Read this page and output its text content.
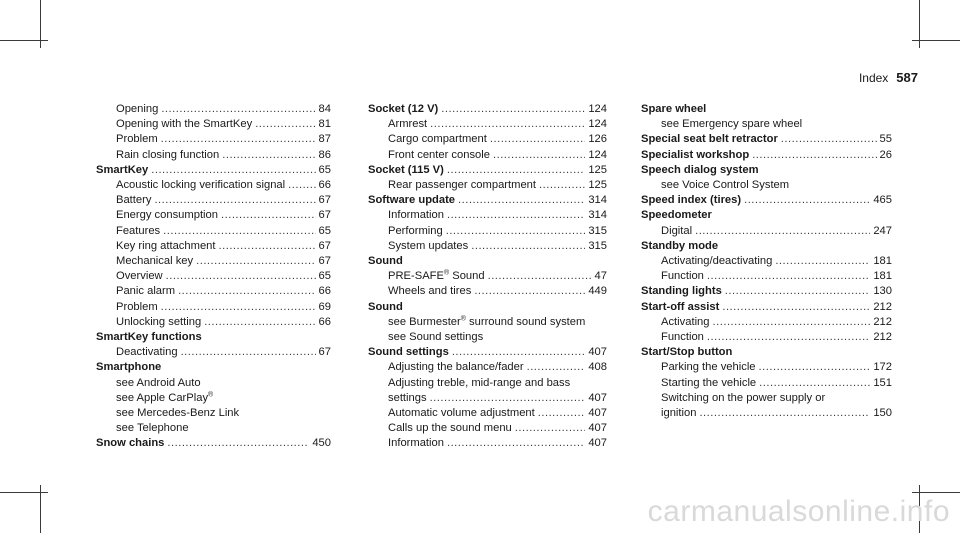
Index 587
Opening .....	84
Opening with the SmartKey .....	81
Problem .....	87
Rain closing function .....	86
SmartKey .....	65
Acoustic locking verification signal .....	66
Battery .....	67
Energy consumption .....	67
Features .....	65
Key ring attachment .....	67
Mechanical key .....	67
Overview .....	65
Panic alarm .....	66
Problem .....	69
Unlocking setting .....	66
SmartKey functions
Deactivating .....	67
Smartphone
see Android Auto
see Apple CarPlay®
see Mercedes-Benz Link
see Telephone
Snow chains .....	450
Socket (12 V) .....	124
Armrest .....	124
Cargo compartment .....	126
Front center console .....	124
Socket (115 V) .....	125
Rear passenger compartment .....	125
Software update .....	314
Information .....	314
Performing .....	315
System updates .....	315
Sound
PRE-SAFE® Sound .....	47
Wheels and tires .....	449
Sound
see Burmester® surround sound system
see Sound settings
Sound settings .....	407
Adjusting the balance/fader .....	408
Adjusting treble, mid-range and bass
settings .....	407
Automatic volume adjustment .....	407
Calls up the sound menu .....	407
Information .....	407
Spare wheel
see Emergency spare wheel
Special seat belt retractor .....	55
Specialist workshop .....	26
Speech dialog system
see Voice Control System
Speed index (tires) .....	465
Speedometer
Digital .....	247
Standby mode
Activating/deactivating .....	181
Function .....	181
Standing lights .....	130
Start-off assist .....	212
Activating .....	212
Function .....	212
Start/Stop button
Parking the vehicle .....	172
Starting the vehicle .....	151
Switching on the power supply or
ignition .....	150
carmanualsonline.info
